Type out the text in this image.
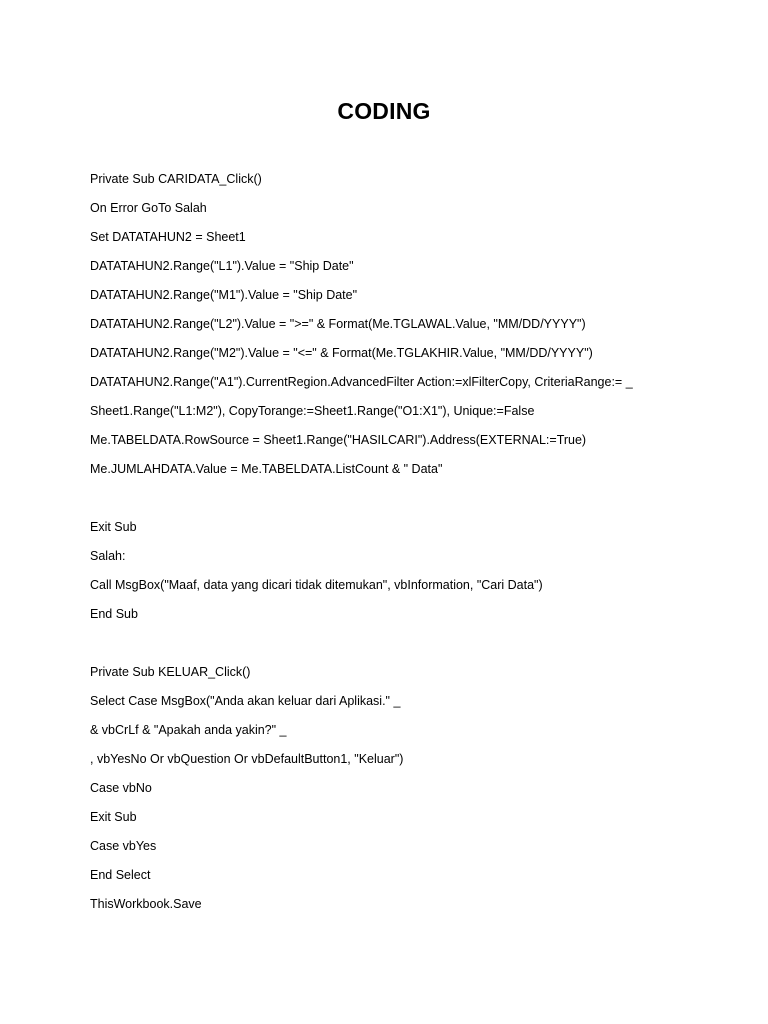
CODING
Private Sub CARIDATA_Click()
On Error GoTo Salah
Set DATATAHUN2 = Sheet1
DATATAHUN2.Range("L1").Value = "Ship Date"
DATATAHUN2.Range("M1").Value = "Ship Date"
DATATAHUN2.Range("L2").Value = ">=" & Format(Me.TGLAWAL.Value, "MM/DD/YYYY")
DATATAHUN2.Range("M2").Value = "<=" & Format(Me.TGLAKHIR.Value, "MM/DD/YYYY")
DATATAHUN2.Range("A1").CurrentRegion.AdvancedFilter Action:=xlFilterCopy, CriteriaRange:= _
Sheet1.Range("L1:M2"), CopyTorange:=Sheet1.Range("O1:X1"), Unique:=False
Me.TABELDATA.RowSource = Sheet1.Range("HASILCARI").Address(EXTERNAL:=True)
Me.JUMLAHDATA.Value = Me.TABELDATA.ListCount & " Data"
Exit Sub
Salah:
Call MsgBox("Maaf, data yang dicari tidak ditemukan", vbInformation, "Cari Data")
End Sub
Private Sub KELUAR_Click()
Select Case MsgBox("Anda akan keluar dari Aplikasi." _
& vbCrLf & "Apakah anda yakin?" _
, vbYesNo Or vbQuestion Or vbDefaultButton1, "Keluar")
Case vbNo
Exit Sub
Case vbYes
End Select
ThisWorkbook.Save
